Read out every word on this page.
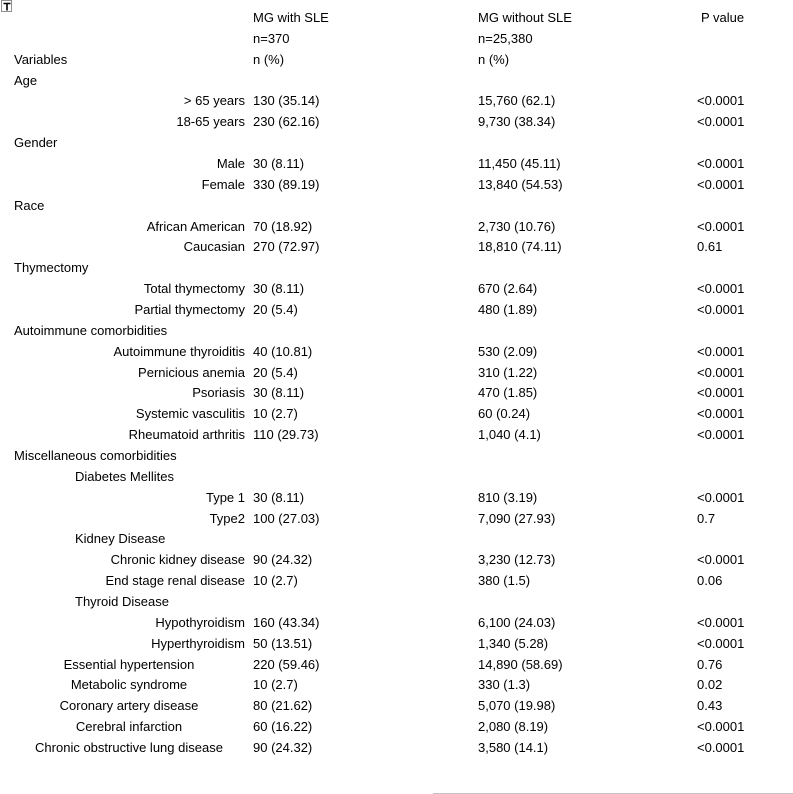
MG with SLE	MG without SLE	P value
n=370	n=25,380
Variables	n (%)	n (%)
Age
> 65 years 130 (35.14)	15,760 (62.1)	<0.0001
18-65 years 230 (62.16)	9,730 (38.34)	<0.0001
Gender
Male 30 (8.11)	11,450 (45.11)	<0.0001
Female 330 (89.19)	13,840 (54.53)	<0.0001
Race
African American 70 (18.92)	2,730 (10.76)	<0.0001
Caucasian 270 (72.97)	18,810 (74.11)	0.61
Thymectomy
Total thymectomy 30 (8.11)	670 (2.64)	<0.0001
Partial thymectomy 20 (5.4)	480 (1.89)	<0.0001
Autoimmune comorbidities
Autoimmune thyroiditis 40 (10.81)	530 (2.09)	<0.0001
Pernicious anemia 20 (5.4)	310 (1.22)	<0.0001
Psoriasis 30 (8.11)	470 (1.85)	<0.0001
Systemic vasculitis 10 (2.7)	60 (0.24)	<0.0001
Rheumatoid arthritis 110 (29.73)	1,040 (4.1)	<0.0001
Miscellaneous comorbidities
Diabetes Mellites
Type 1 30 (8.11)	810 (3.19)	<0.0001
Type2 100 (27.03)	7,090 (27.93)	0.7
Kidney Disease
Chronic kidney disease 90 (24.32)	3,230 (12.73)	<0.0001
End stage renal disease 10 (2.7)	380 (1.5)	0.06
Thyroid Disease
Hypothyroidism 160 (43.34)	6,100 (24.03)	<0.0001
Hyperthyroidism 50 (13.51)	1,340 (5.28)	<0.0001
Essential hypertension	220 (59.46)	14,890 (58.69)	0.76
Metabolic syndrome	10 (2.7)	330 (1.3)	0.02
Coronary artery disease	80 (21.62)	5,070 (19.98)	0.43
Cerebral infarction	60 (16.22)	2,080 (8.19)	<0.0001
Chronic obstructive lung disease	90 (24.32)	3,580 (14.1)	<0.0001
